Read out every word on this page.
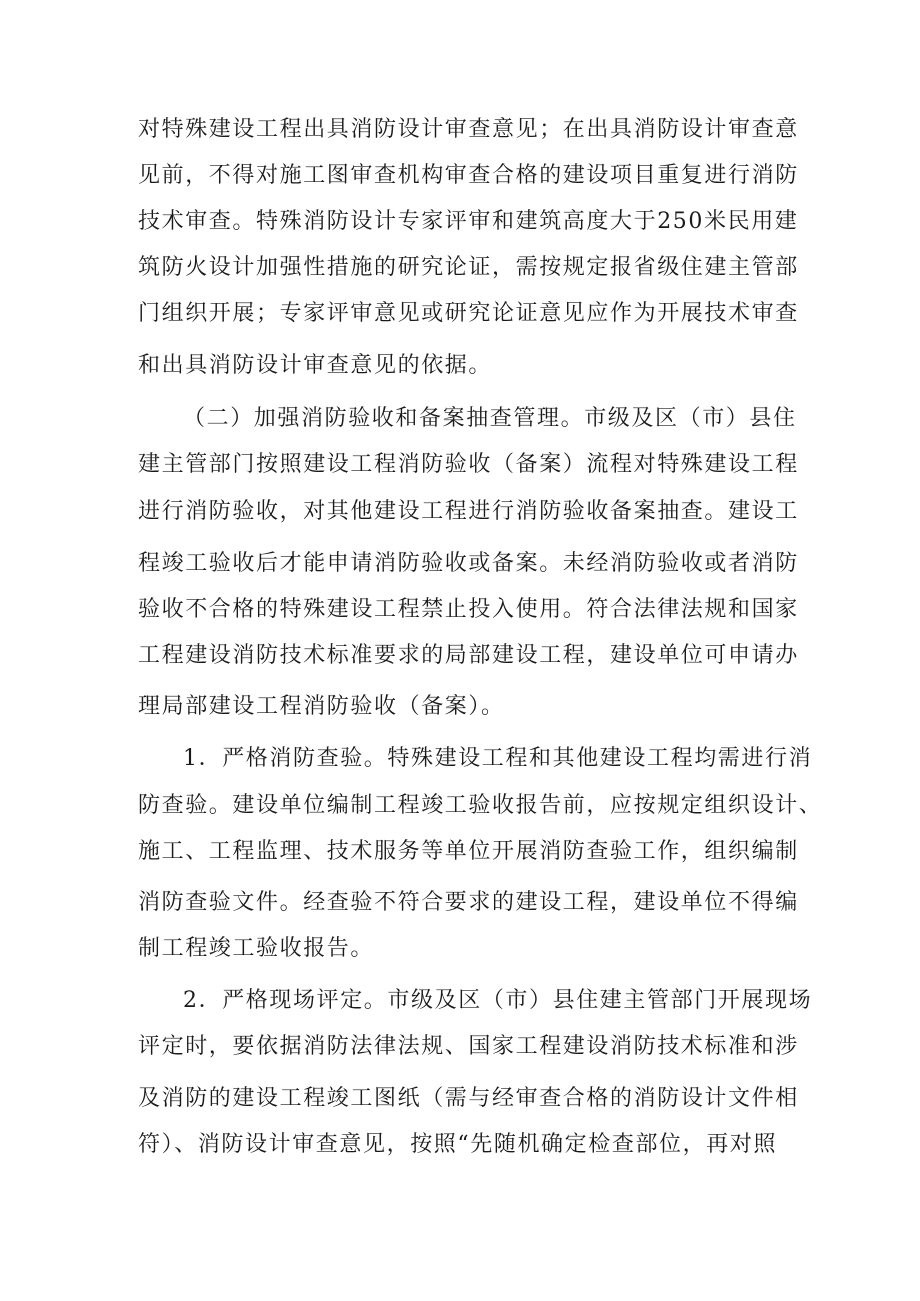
对特殊建设工程出具消防设计审查意见；在出具消防设计审查意
见前，不得对施工图审查机构审查合格的建设项目重复进行消防
技术审查。特殊消防设计专家评审和建筑高度大于250米民用建
筑防火设计加强性措施的研究论证，需按规定报省级住建主管部
门组织开展；专家评审意见或研究论证意见应作为开展技术审查
和出具消防设计审查意见的依据。
（二）加强消防验收和备案抽查管理。市级及区（市）县住
建主管部门按照建设工程消防验收（备案）流程对特殊建设工程
进行消防验收，对其他建设工程进行消防验收备案抽查。建设工
程竣工验收后才能申请消防验收或备案。未经消防验收或者消防
验收不合格的特殊建设工程禁止投入使用。符合法律法规和国家
工程建设消防技术标准要求的局部建设工程，建设单位可申请办
理局部建设工程消防验收（备案）。
1．严格消防查验。特殊建设工程和其他建设工程均需进行消
防查验。建设单位编制工程竣工验收报告前，应按规定组织设计、
施工、工程监理、技术服务等单位开展消防查验工作，组织编制
消防查验文件。经查验不符合要求的建设工程，建设单位不得编
制工程竣工验收报告。
2．严格现场评定。市级及区（市）县住建主管部门开展现场
评定时，要依据消防法律法规、国家工程建设消防技术标准和涉
及消防的建设工程竣工图纸（需与经审查合格的消防设计文件相
符）、消防设计审查意见，按照“先随机确定检查部位，再对照
